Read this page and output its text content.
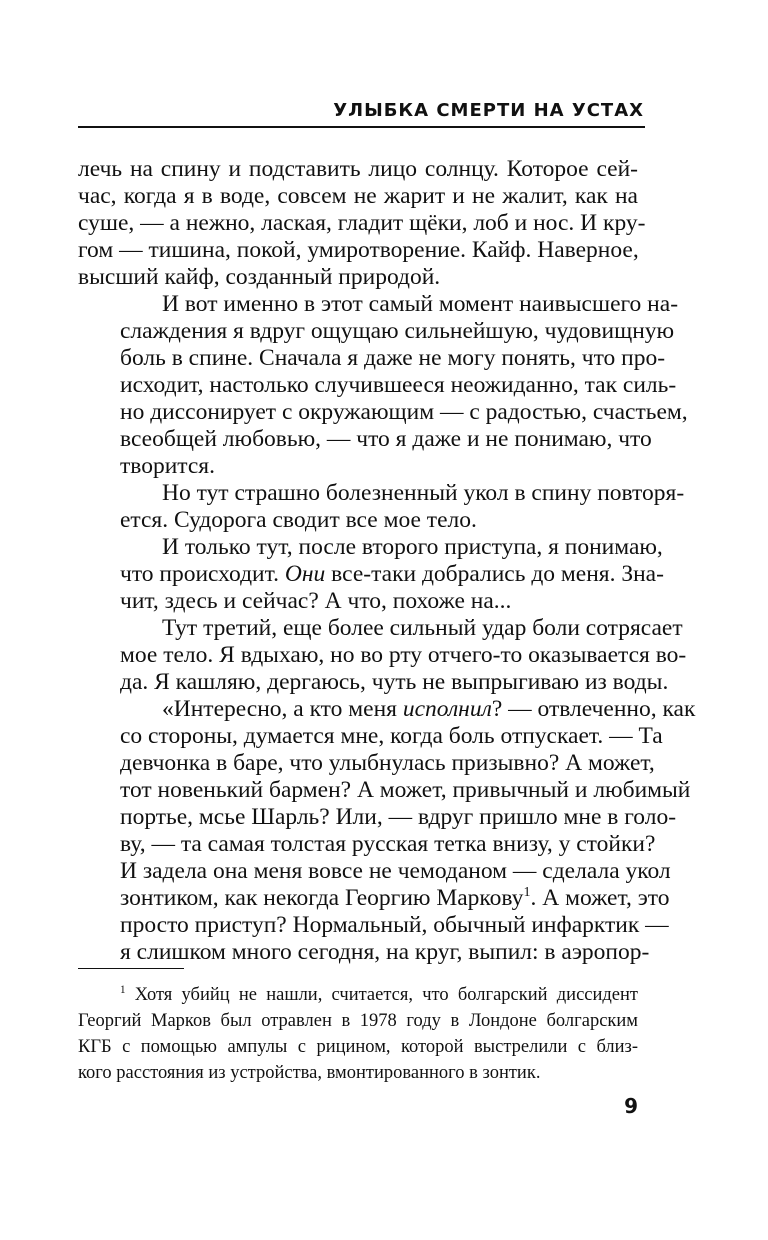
УЛЫБКА СМЕРТИ НА УСТАХ

лечь на спину и подставить лицо солнцу. Которое сей-
час, когда я в воде, совсем не жарит и не жалит, как на
суше, — а нежно, лаская, гладит щёки, лоб и нос. И кру-
гом — тишина, покой, умиротворение. Кайф. Наверное,
высший кайф, созданный природой.

И вот именно в этот самый момент наивысшего на-
слаждения я вдруг ощущаю сильнейшую, чудовищную
боль в спине. Сначала я даже не могу понять, что про-
исходит, настолько случившееся неожиданно, так силь-
но диссонирует с окружающим — с радостью, счастьем,
всеобщей любовью, — что я даже и не понимаю, что
творится.

Но тут страшно болезненный укол в спину повторя-
ется. Судорога сводит все мое тело.

И только тут, после второго приступа, я понимаю,
что происходит. Они все-таки добрались до меня. Зна-
чит, здесь и сейчас? А что, похоже на...

Тут третий, еще более сильный удар боли сотрясает
мое тело. Я вдыхаю, но во рту отчего-то оказывается во-
да. Я кашляю, дергаюсь, чуть не выпрыгиваю из воды.

«Интересно, а кто меня исполнил? — отвлеченно, как
со стороны, думается мне, когда боль отпускает. — Та
девчонка в баре, что улыбнулась призывно? А может,
тот новенький бармен? А может, привычный и любимый
портье, мсье Шарль? Или, — вдруг пришло мне в голо-
ву, — та самая толстая русская тетка внизу, у стойки?
И задела она меня вовсе не чемоданом — сделала укол
зонтиком, как некогда Георгию Маркову$^1$. А может, это
просто приступ? Нормальный, обычный инфарктик —
я слишком много сегодня, на круг, выпил: в аэропор-

$^1$ Хотя убийц не нашли, считается, что болгарский диссидент
Георгий Марков был отравлен в 1978 году в Лондоне болгарским
КГБ с помощью ампулы с рицином, которой выстрелили с близ-
кого расстояния из устройства, вмонтированного в зонтик.
9
